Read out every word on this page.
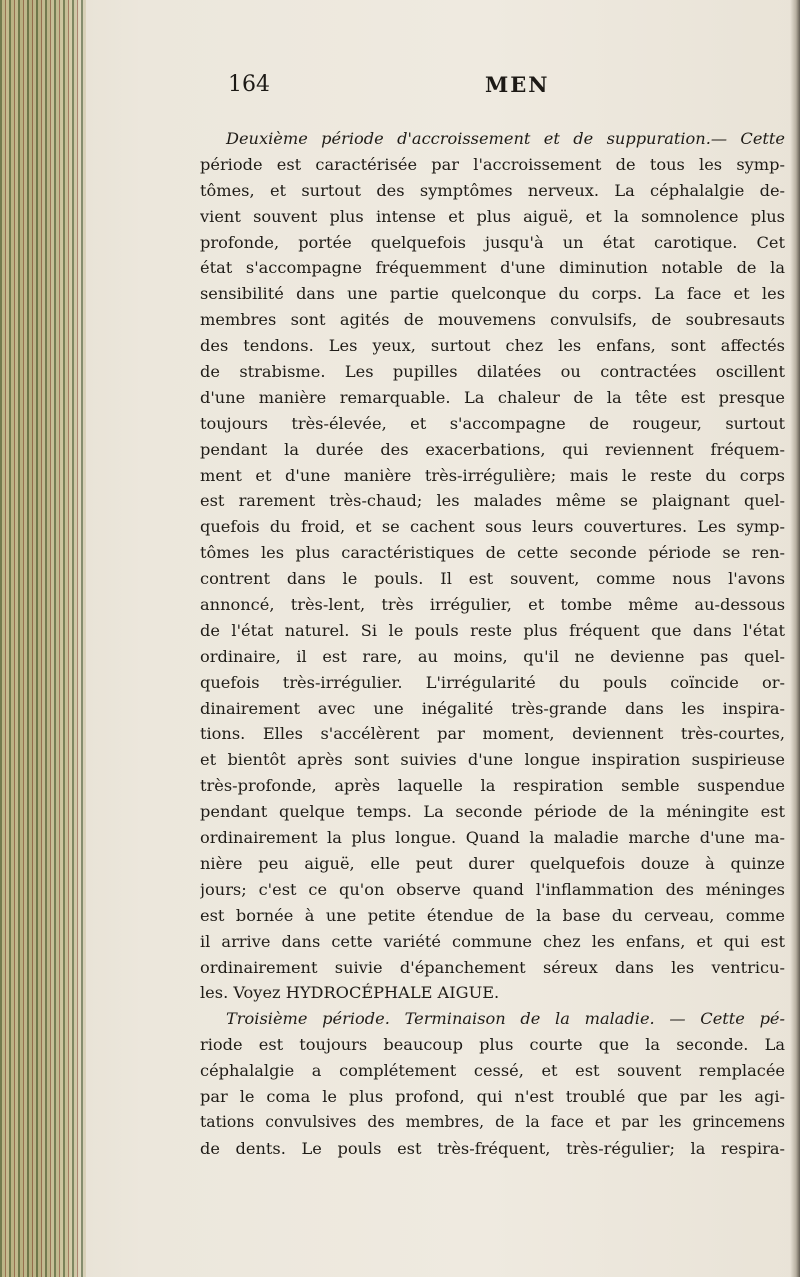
164	MEN
Deuxième période d'accroissement et de suppuration.— Cette
période est caractérisée par l'accroissement de tous les symp-
tômes, et surtout des symptômes nerveux. La céphalalgie de-
vient souvent plus intense et plus aiguë, et la somnolence plus
profonde, portée quelquefois jusqu'à un état carotique. Cet
état s'accompagne fréquemment d'une diminution notable de la
sensibilité dans une partie quelconque du corps. La face et les
membres sont agités de mouvemens convulsifs, de soubresauts
des tendons. Les yeux, surtout chez les enfans, sont affectés
de strabisme. Les pupilles dilatées ou contractées oscillent
d'une manière remarquable. La chaleur de la tête est presque
toujours très-élevée, et s'accompagne de rougeur, surtout
pendant la durée des exacerbations, qui reviennent fréquem-
ment et d'une manière très-irrégulière; mais le reste du corps
est rarement très-chaud; les malades même se plaignant quel-
quefois du froid, et se cachent sous leurs couvertures. Les symp-
tômes les plus caractéristiques de cette seconde période se ren-
contrent dans le pouls. Il est souvent, comme nous l'avons
annoncé, très-lent, très irrégulier, et tombe même au-dessous
de l'état naturel. Si le pouls reste plus fréquent que dans l'état
ordinaire, il est rare, au moins, qu'il ne devienne pas quel-
quefois très-irrégulier. L'irrégularité du pouls coïncide or-
dinairement avec une inégalité très-grande dans les inspira-
tions. Elles s'accélèrent par moment, deviennent très-courtes,
et bientôt après sont suivies d'une longue inspiration suspirieuse
très-profonde, après laquelle la respiration semble suspendue
pendant quelque temps. La seconde période de la méningite est
ordinairement la plus longue. Quand la maladie marche d'une ma-
nière peu aiguë, elle peut durer quelquefois douze à quinze
jours; c'est ce qu'on observe quand l'inflammation des méninges
est bornée à une petite étendue de la base du cerveau, comme
il arrive dans cette variété commune chez les enfans, et qui est
ordinairement suivie d'épanchement séreux dans les ventricu-
les. Voyez HYDROCÉPHALE AIGUE.
Troisième période. Terminaison de la maladie. — Cette pé-
riode est toujours beaucoup plus courte que la seconde. La
céphalalgie a complétement cessé, et est souvent remplacée
par le coma le plus profond, qui n'est troublé que par les agi-
tations convulsives des membres, de la face et par les grincemens
de dents. Le pouls est très-fréquent, très-régulier; la respira-
